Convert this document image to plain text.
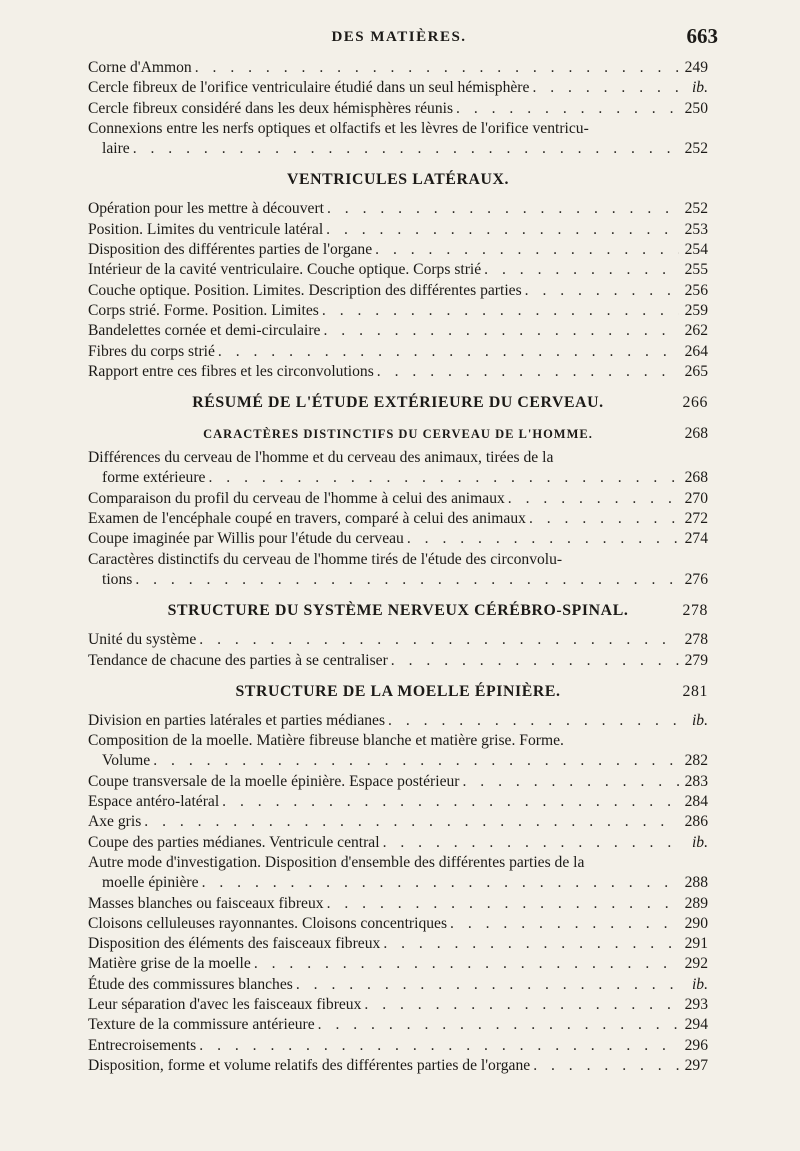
DES MATIÈRES.	663
Corne d'Ammon . . .	249
Cercle fibreux de l'orifice ventriculaire étudié dans un seul hémisphère . . .	ib.
Cercle fibreux considéré dans les deux hémisphères réunis . . .	250
Connexions entre les nerfs optiques et olfactifs et les lèvres de l'orifice ventricu-
laire . . .	252
VENTRICULES LATÉRAUX.
Opération pour les mettre à découvert . . .	252
Position. Limites du ventricule latéral . . .	253
Disposition des différentes parties de l'organe . . .	254
Intérieur de la cavité ventriculaire. Couche optique. Corps strié . . .	255
Couche optique. Position. Limites. Description des différentes parties . . .	256
Corps strié. Forme. Position. Limites . . .	259
Bandelettes cornée et demi-circulaire . . .	262
Fibres du corps strié . . .	264
Rapport entre ces fibres et les circonvolutions . . .	265
RÉSUMÉ DE L'ÉTUDE EXTÉRIEURE DU CERVEAU.	266
CARACTÈRES DISTINCTIFS DU CERVEAU DE L'HOMME.	268
Différences du cerveau de l'homme et du cerveau des animaux, tirées de la
forme extérieure . . .	268
Comparaison du profil du cerveau de l'homme à celui des animaux . . .	270
Examen de l'encéphale coupé en travers, comparé à celui des animaux . . .	272
Coupe imaginée par Willis pour l'étude du cerveau . . .	274
Caractères distinctifs du cerveau de l'homme tirés de l'étude des circonvolu-
tions . . .	276
STRUCTURE DU SYSTÈME NERVEUX CÉRÉBRO-SPINAL.	278
Unité du système . . .	278
Tendance de chacune des parties à se centraliser . . .	279
STRUCTURE DE LA MOELLE ÉPINIÈRE.	281
Division en parties latérales et parties médianes . . .	ib.
Composition de la moelle. Matière fibreuse blanche et matière grise. Forme.
Volume . . .	282
Coupe transversale de la moelle épinière. Espace postérieur . . .	283
Espace antéro-latéral . . .	284
Axe gris . . .	286
Coupe des parties médianes. Ventricule central . . .	ib.
Autre mode d'investigation. Disposition d'ensemble des différentes parties de la
moelle épinière . . .	288
Masses blanches ou faisceaux fibreux . . .	289
Cloisons celluleuses rayonnantes. Cloisons concentriques . . .	290
Disposition des éléments des faisceaux fibreux . . .	291
Matière grise de la moelle . . .	292
Étude des commissures blanches . . .	ib.
Leur séparation d'avec les faisceaux fibreux . . .	293
Texture de la commissure antérieure . . .	294
Entrecroisements . . .	296
Disposition, forme et volume relatifs des différentes parties de l'organe . . .	297
